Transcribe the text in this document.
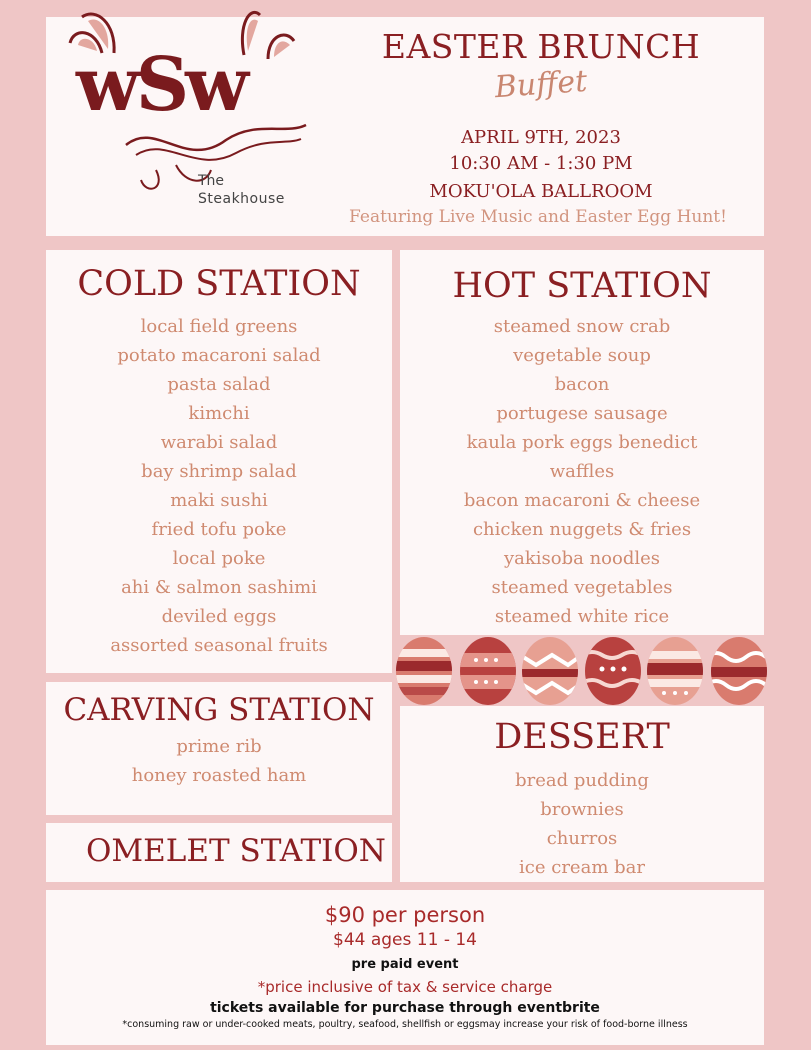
wSw
The
Steakhouse
EASTER BRUNCH
Buffet
APRIL 9TH, 2023
10:30 AM - 1:30 PM
MOKU'OLA BALLROOM
Featuring Live Music and Easter Egg Hunt!
COLD STATION
local field greens
potato macaroni salad
pasta salad
kimchi
warabi salad
bay shrimp salad
maki sushi
fried tofu poke
local poke
ahi & salmon sashimi
deviled eggs
assorted seasonal fruits
HOT STATION
steamed snow crab
vegetable soup
bacon
portugese sausage
kaula pork eggs benedict
waffles
bacon macaroni & cheese
chicken nuggets & fries
yakisoba noodles
steamed vegetables
steamed white rice
CARVING STATION
prime rib
honey roasted ham
OMELET STATION
DESSERT
bread pudding
brownies
churros
ice cream bar
$90 per person
$44 ages 11 - 14
pre paid event
*price inclusive of tax & service charge
tickets available for purchase through eventbrite
*consuming raw or under-cooked meats, poultry, seafood, shellfish or eggsmay increase your risk of food-borne illness
